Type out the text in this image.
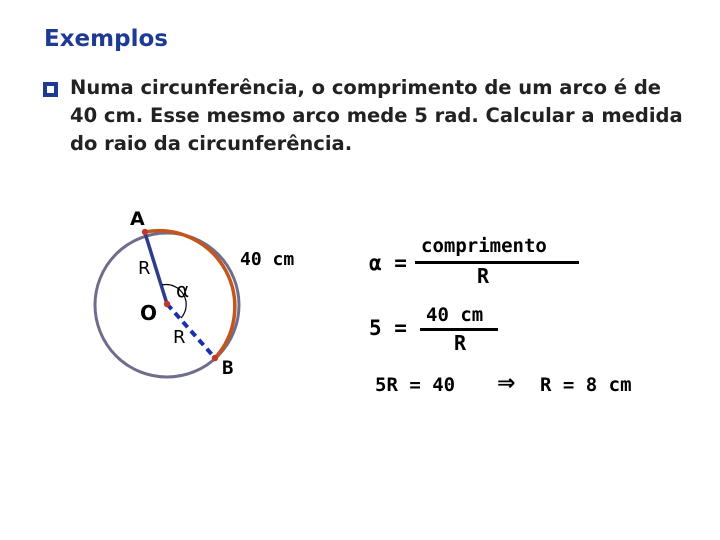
Exemplos
Numa circunferência, o comprimento de um arco é de 40 cm. Esse mesmo arco mede 5 rad. Calcular a medida do raio da circunferência.
A
R
α
O
R
B
40 cm	α =
comprimento
R
5 =
40 cm
R
5R = 40 ⇒ R = 8 cm
